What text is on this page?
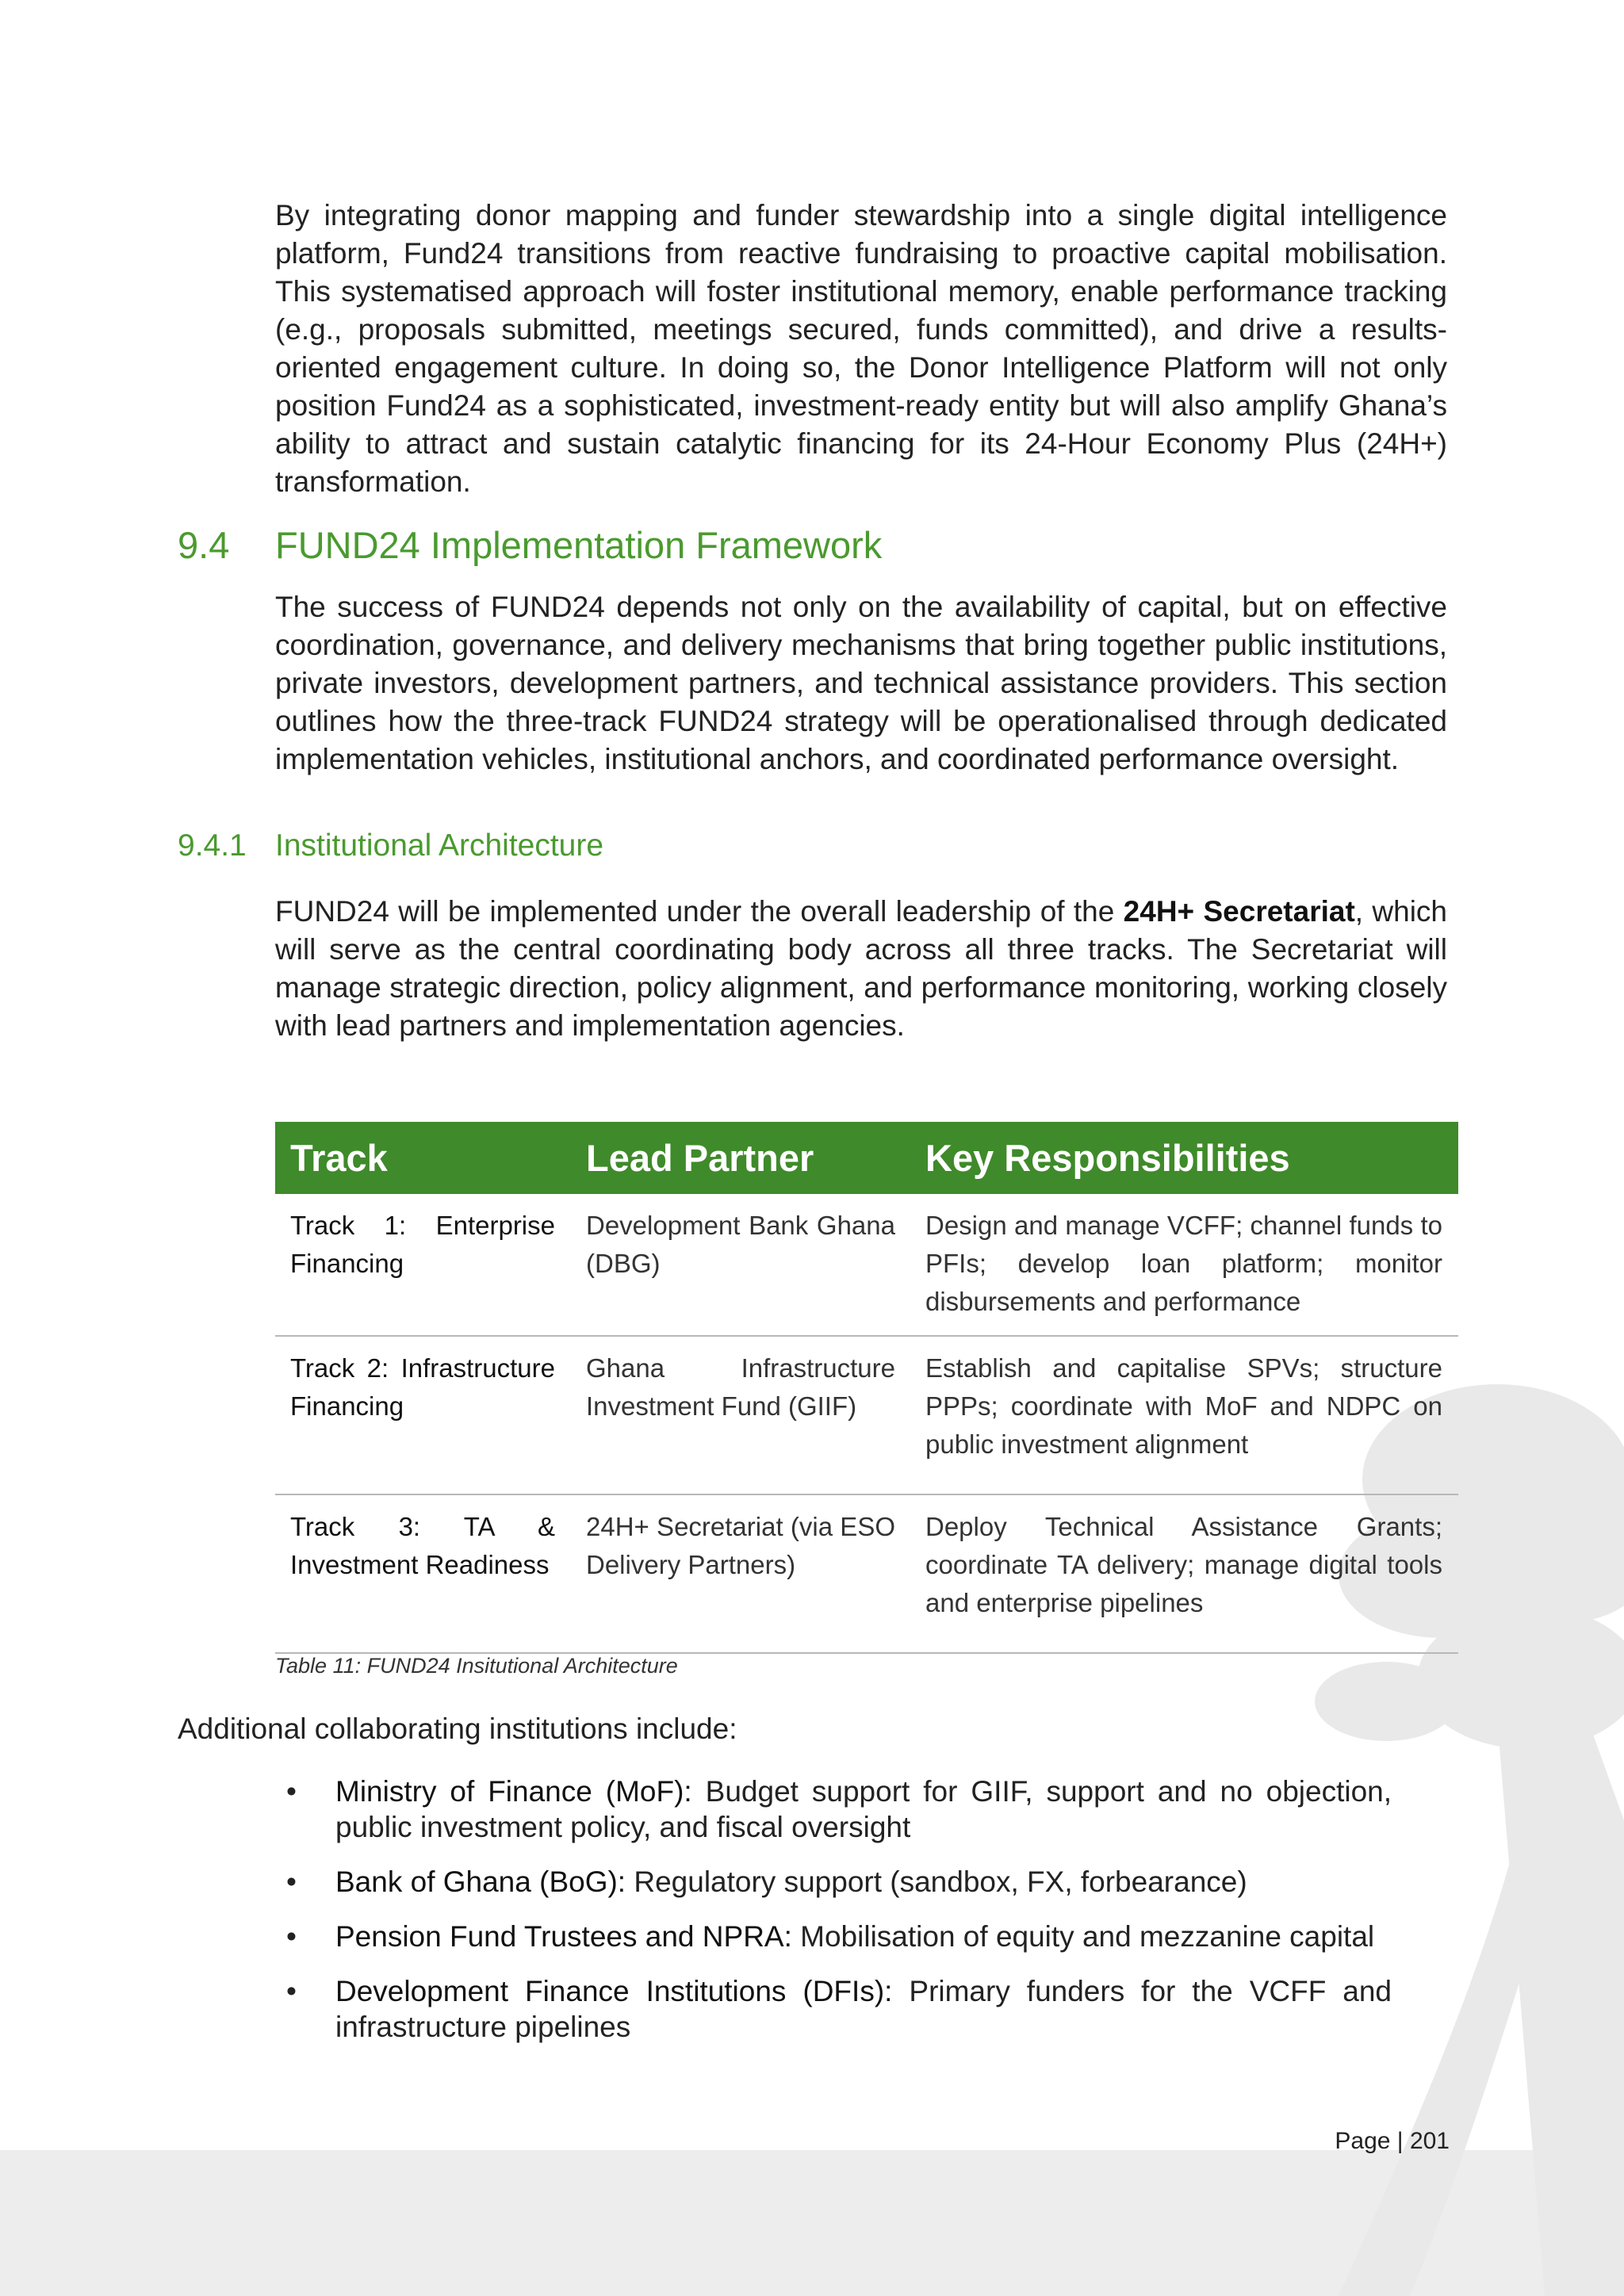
By integrating donor mapping and funder stewardship into a single digital intelligence platform, Fund24 transitions from reactive fundraising to proactive capital mobilisation. This systematised approach will foster institutional memory, enable performance tracking (e.g., proposals submitted, meetings secured, funds committed), and drive a results-oriented engagement culture. In doing so, the Donor Intelligence Platform will not only position Fund24 as a sophisticated, investment-ready entity but will also amplify Ghana’s ability to attract and sustain catalytic financing for its 24-Hour Economy Plus (24H+) transformation.
9.4 FUND24 Implementation Framework
The success of FUND24 depends not only on the availability of capital, but on effective coordination, governance, and delivery mechanisms that bring together public institutions, private investors, development partners, and technical assistance providers. This section outlines how the three-track FUND24 strategy will be operationalised through dedicated implementation vehicles, institutional anchors, and coordinated performance oversight.
9.4.1 Institutional Architecture
FUND24 will be implemented under the overall leadership of the 24H+ Secretariat, which will serve as the central coordinating body across all three tracks. The Secretariat will manage strategic direction, policy alignment, and performance monitoring, working closely with lead partners and implementation agencies.
Track	Lead Partner	Key Responsibilities
Track 1: Enterprise Financing
Development Bank Ghana (DBG)
Design and manage VCFF; channel funds to PFIs; develop loan platform; monitor disbursements and performance
Track 2: Infrastructure Financing
Ghana Infrastructure Investment Fund (GIIF)
Establish and capitalise SPVs; structure PPPs; coordinate with MoF and NDPC on public investment alignment
Track 3: TA & Investment Readiness
24H+ Secretariat (via ESO Delivery Partners)
Deploy Technical Assistance Grants; coordinate TA delivery; manage digital tools and enterprise pipelines
Table 11: FUND24 Insitutional Architecture
Additional collaborating institutions include:
• Ministry of Finance (MoF): Budget support for GIIF, support and no objection, public investment policy, and fiscal oversight
• Bank of Ghana (BoG): Regulatory support (sandbox, FX, forbearance)
• Pension Fund Trustees and NPRA: Mobilisation of equity and mezzanine capital
• Development Finance Institutions (DFIs): Primary funders for the VCFF and infrastructure pipelines
Page | 201
